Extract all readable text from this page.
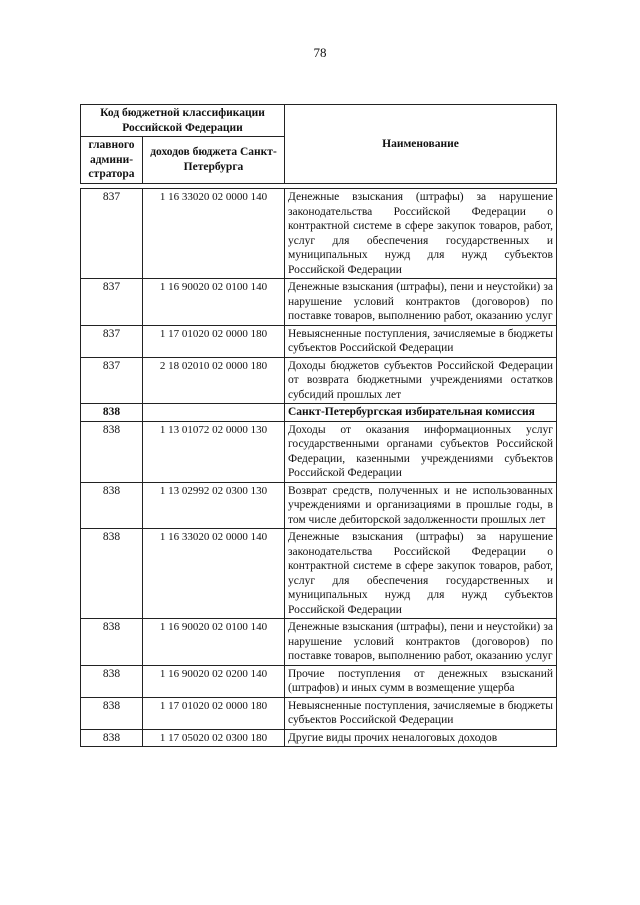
78
Код бюджетной классификации Российской Федерации		Наименование
главного админи-стратора	доходов бюджета Санкт-Петербурга	
837	1 16 33020 02 0000 140	Денежные взыскания (штрафы) за нарушение законодательства Российской Федерации о контрактной системе в сфере закупок товаров, работ, услуг для обеспечения государственных и муниципальных нужд для нужд субъектов Российской Федерации
837	1 16 90020 02 0100 140	Денежные взыскания (штрафы), пени и неустойки) за нарушение условий контрактов (договоров) по поставке товаров, выполнению работ, оказанию услуг
837	1 17 01020 02 0000 180	Невыясненные поступления, зачисляемые в бюджеты субъектов Российской Федерации
837	2 18 02010 02 0000 180	Доходы бюджетов субъектов Российской Федерации от возврата бюджетными учреждениями остатков субсидий прошлых лет
838		Санкт-Петербургская избирательная комиссия
838	1 13 01072 02 0000 130	Доходы от оказания информационных услуг государственными органами субъектов Российской Федерации, казенными учреждениями субъектов Российской Федерации
838	1 13 02992 02 0300 130	Возврат средств, полученных и не использованных учреждениями и организациями в прошлые годы, в том числе дебиторской задолженности прошлых лет
838	1 16 33020 02 0000 140	Денежные взыскания (штрафы) за нарушение законодательства Российской Федерации о контрактной системе в сфере закупок товаров, работ, услуг для обеспечения государственных и муниципальных нужд для нужд субъектов Российской Федерации
838	1 16 90020 02 0100 140	Денежные взыскания (штрафы), пени и неустойки) за нарушение условий контрактов (договоров) по поставке товаров, выполнению работ, оказанию услуг
838	1 16 90020 02 0200 140	Прочие поступления от денежных взысканий (штрафов) и иных сумм в возмещение ущерба
838	1 17 01020 02 0000 180	Невыясненные поступления, зачисляемые в бюджеты субъектов Российской Федерации
838	1 17 05020 02 0300 180	Другие виды прочих неналоговых доходов
